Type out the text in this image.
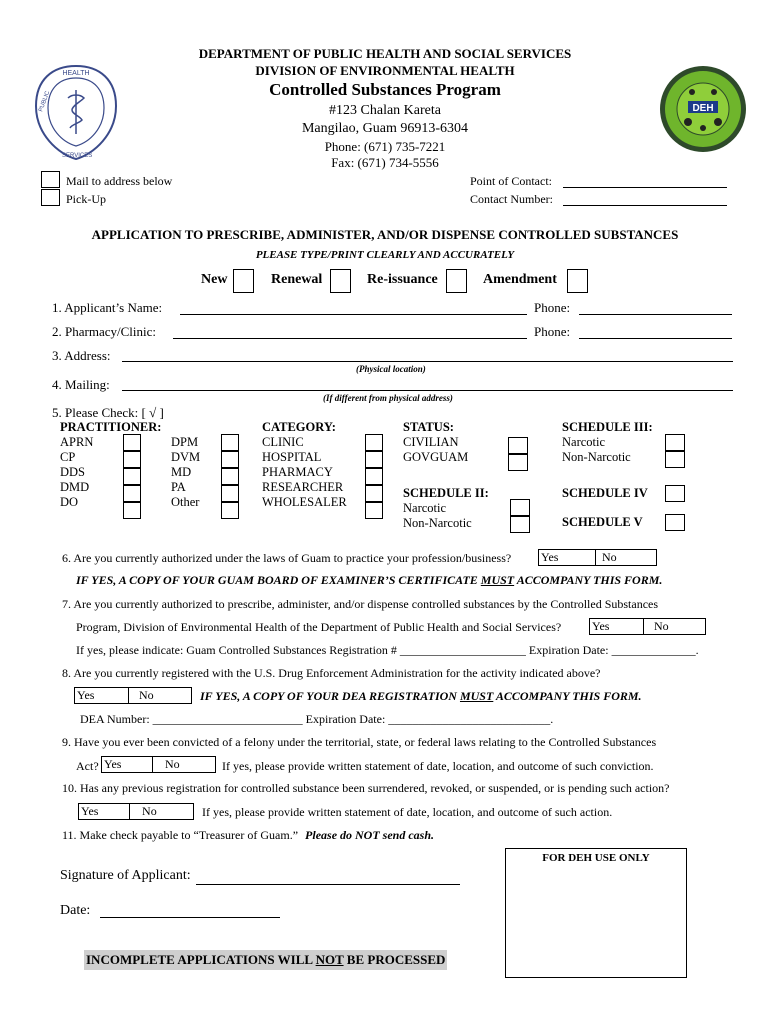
HEALTH
PUBLIC
SERVICES
DEH
DEPARTMENT OF PUBLIC HEALTH AND SOCIAL SERVICES
DIVISION OF ENVIRONMENTAL HEALTH
Controlled Substances Program
#123 Chalan Kareta
Mangilao, Guam 96913-6304
Phone: (671) 735-7221
Fax: (671) 734-5556
Mail to address below
Pick-Up
Point of Contact:
Contact Number:
APPLICATION TO PRESCRIBE, ADMINISTER, AND/OR DISPENSE CONTROLLED SUBSTANCES
PLEASE TYPE/PRINT CLEARLY AND ACCURATELY
New	Renewal	Re-issuance	Amendment
1. Applicant’s Name:	Phone:
2. Pharmacy/Clinic:	Phone:
3. Address:
(Physical location)
4. Mailing:
(If different from physical address)
5. Please Check: [ √ ]
PRACTITIONER:
APRN
CP
DDS
DMD
DO
DPM
DVM
MD
PA
Other
CATEGORY:
CLINIC
HOSPITAL
PHARMACY
RESEARCHER
WHOLESALER
STATUS:
CIVILIAN
GOVGUAM
SCHEDULE II:
Narcotic
Non-Narcotic
SCHEDULE III:
Narcotic
Non-Narcotic
SCHEDULE IV
SCHEDULE V
6. Are you currently authorized under the laws of Guam to practice your profession/business? Yes	No
IF YES, A COPY OF YOUR GUAM BOARD OF EXAMINER’S CERTIFICATE MUST ACCOMPANY THIS FORM.
7. Are you currently authorized to prescribe, administer, and/or dispense controlled substances by the Controlled Substances
Program, Division of Environmental Health of the Department of Public Health and Social Services?	Yes	No
If yes, please indicate: Guam Controlled Substances Registration # _____________________ Expiration Date: ______________.
8. Are you currently registered with the U.S. Drug Enforcement Administration for the activity indicated above?
Yes	No	IF YES, A COPY OF YOUR DEA REGISTRATION MUST ACCOMPANY THIS FORM.
DEA Number: _________________________ Expiration Date: ___________________________.
9. Have you ever been convicted of a felony under the territorial, state, or federal laws relating to the Controlled Substances
Act? Yes	No	If yes, please provide written statement of date, location, and outcome of such conviction.
10. Has any previous registration for controlled substance been surrendered, revoked, or suspended, or is pending such action?
Yes	No	If yes, please provide written statement of date, location, and outcome of such action.
11. Make check payable to “Treasurer of Guam.” Please do NOT send cash.
FOR DEH USE ONLY
Signature of Applicant:
Date:
INCOMPLETE APPLICATIONS WILL NOT BE PROCESSED
